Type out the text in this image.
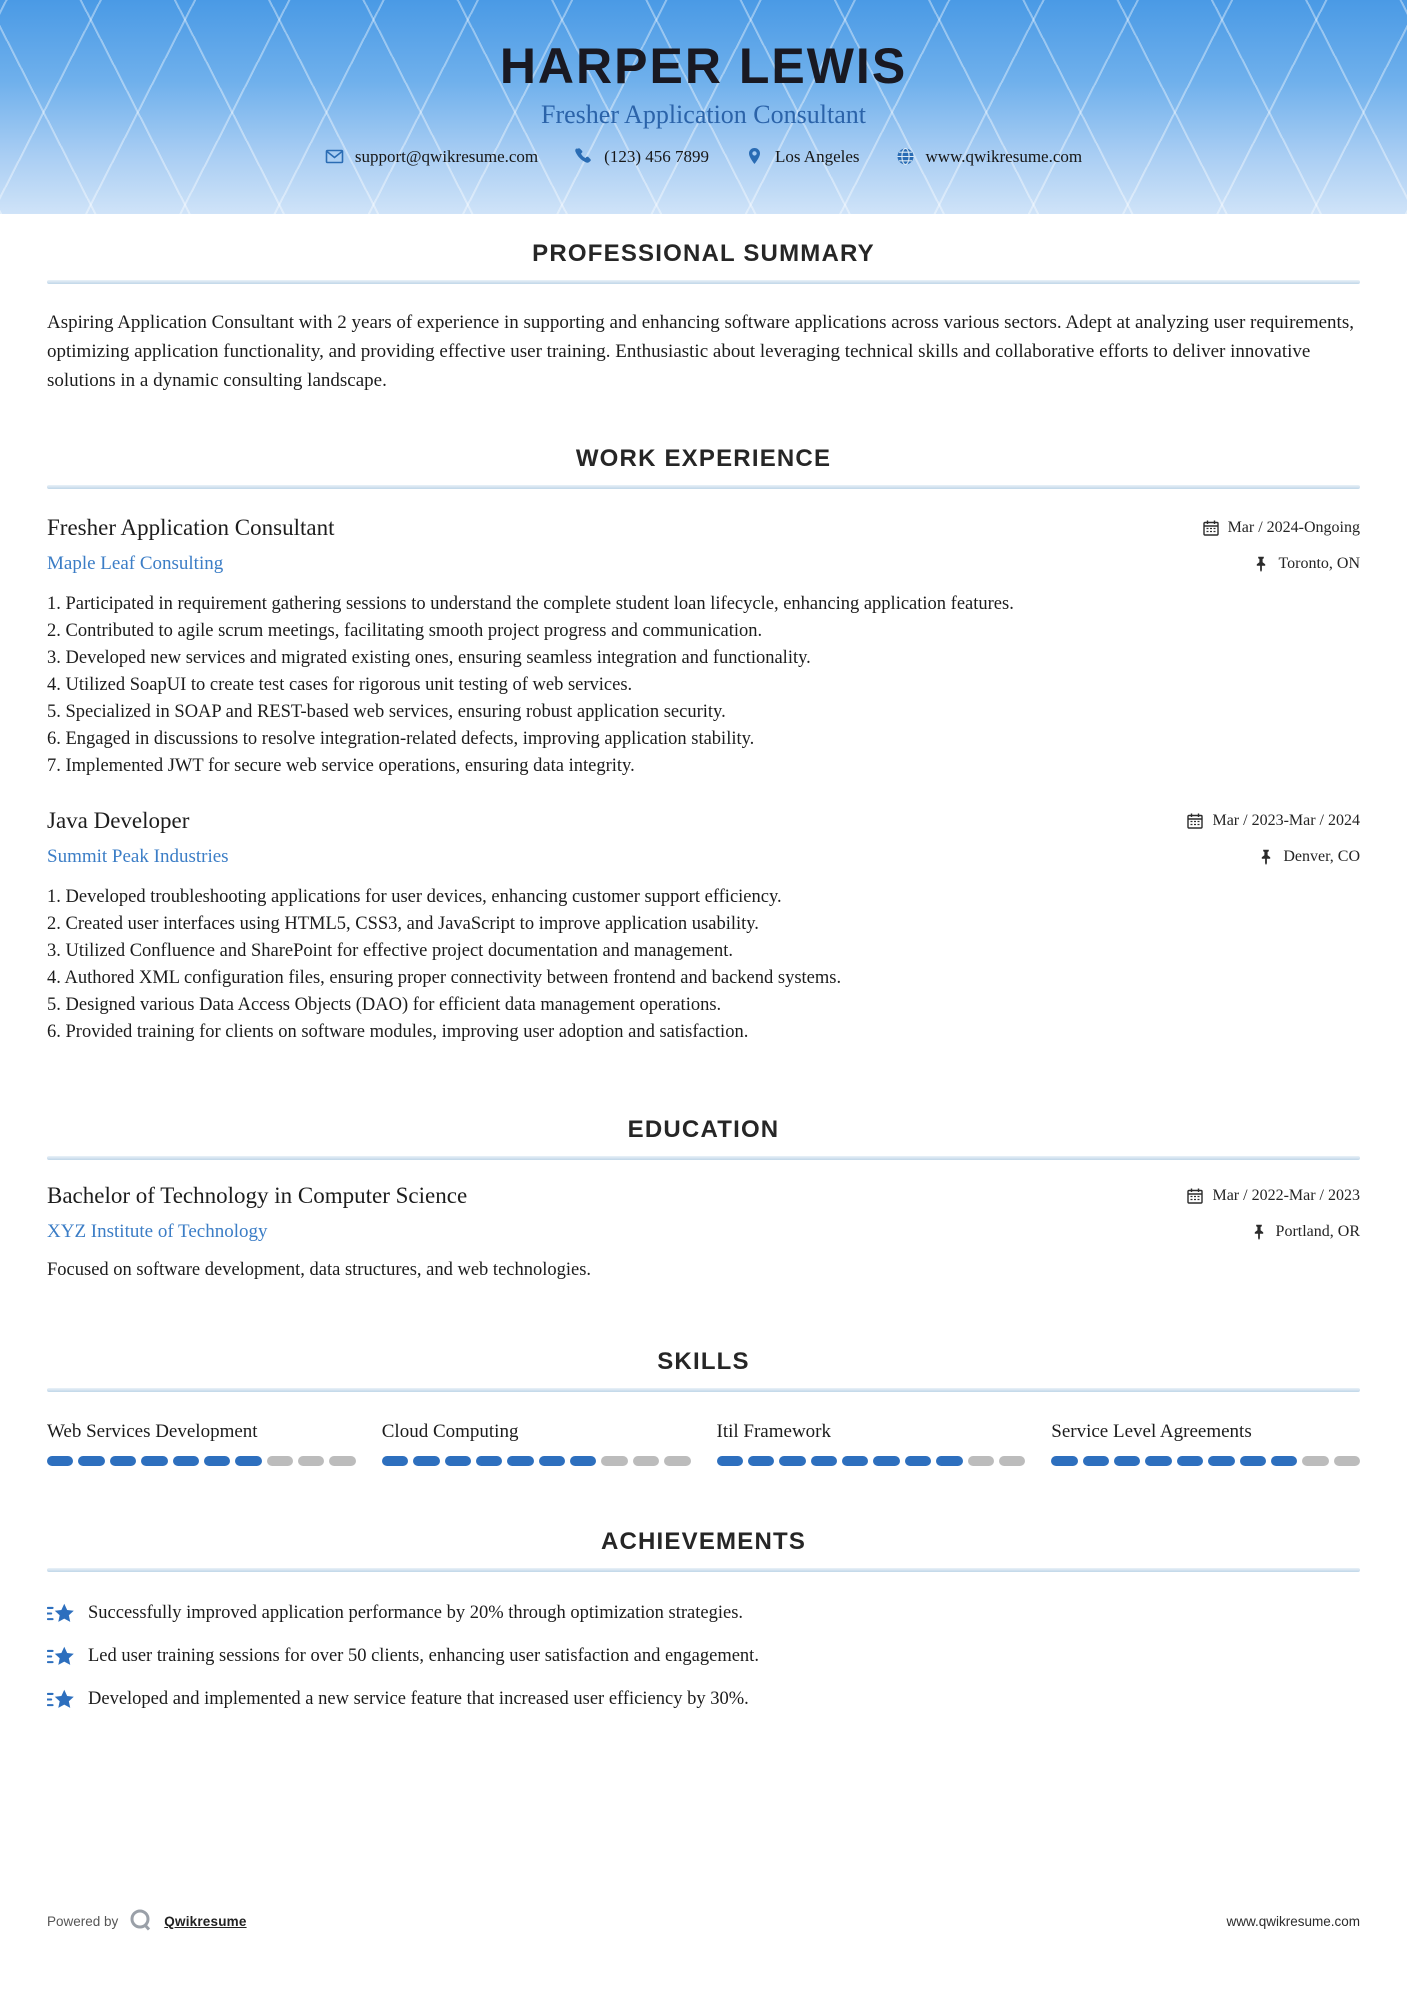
HARPER LEWIS
Fresher Application Consultant
support@qwikresume.com	(123) 456 7899	Los Angeles	www.qwikresume.com
PROFESSIONAL SUMMARY

Aspiring Application Consultant with 2 years of experience in supporting and enhancing software applications across various sectors. Adept at analyzing user requirements, optimizing application functionality, and providing effective user training. Enthusiastic about leveraging technical skills and collaborative efforts to deliver innovative solutions in a dynamic consulting landscape.

WORK EXPERIENCE
Fresher Application Consultant	Mar / 2024-Ongoing
Maple Leaf Consulting	Toronto, ON
Participated in requirement gathering sessions to understand the complete student loan lifecycle, enhancing application features.
Contributed to agile scrum meetings, facilitating smooth project progress and communication.
Developed new services and migrated existing ones, ensuring seamless integration and functionality.
Utilized SoapUI to create test cases for rigorous unit testing of web services.
Specialized in SOAP and REST-based web services, ensuring robust application security.
Engaged in discussions to resolve integration-related defects, improving application stability.
Implemented JWT for secure web service operations, ensuring data integrity.
Java Developer	Mar / 2023-Mar / 2024
Summit Peak Industries	Denver, CO
Developed troubleshooting applications for user devices, enhancing customer support efficiency.
Created user interfaces using HTML5, CSS3, and JavaScript to improve application usability.
Utilized Confluence and SharePoint for effective project documentation and management.
Authored XML configuration files, ensuring proper connectivity between frontend and backend systems.
Designed various Data Access Objects (DAO) for efficient data management operations.
Provided training for clients on software modules, improving user adoption and satisfaction.
EDUCATION
Bachelor of Technology in Computer Science	Mar / 2022-Mar / 2023
XYZ Institute of Technology	Portland, OR

Focused on software development, data structures, and web technologies.

SKILLS
Web Services Development	Cloud Computing	Itil Framework	Service Level Agreements
ACHIEVEMENTS
Successfully improved application performance by 20% through optimization strategies.
Led user training sessions for over 50 clients, enhancing user satisfaction and engagement.
Developed and implemented a new service feature that increased user efficiency by 30%.
Powered by	Qwikresume	www.qwikresume.com
